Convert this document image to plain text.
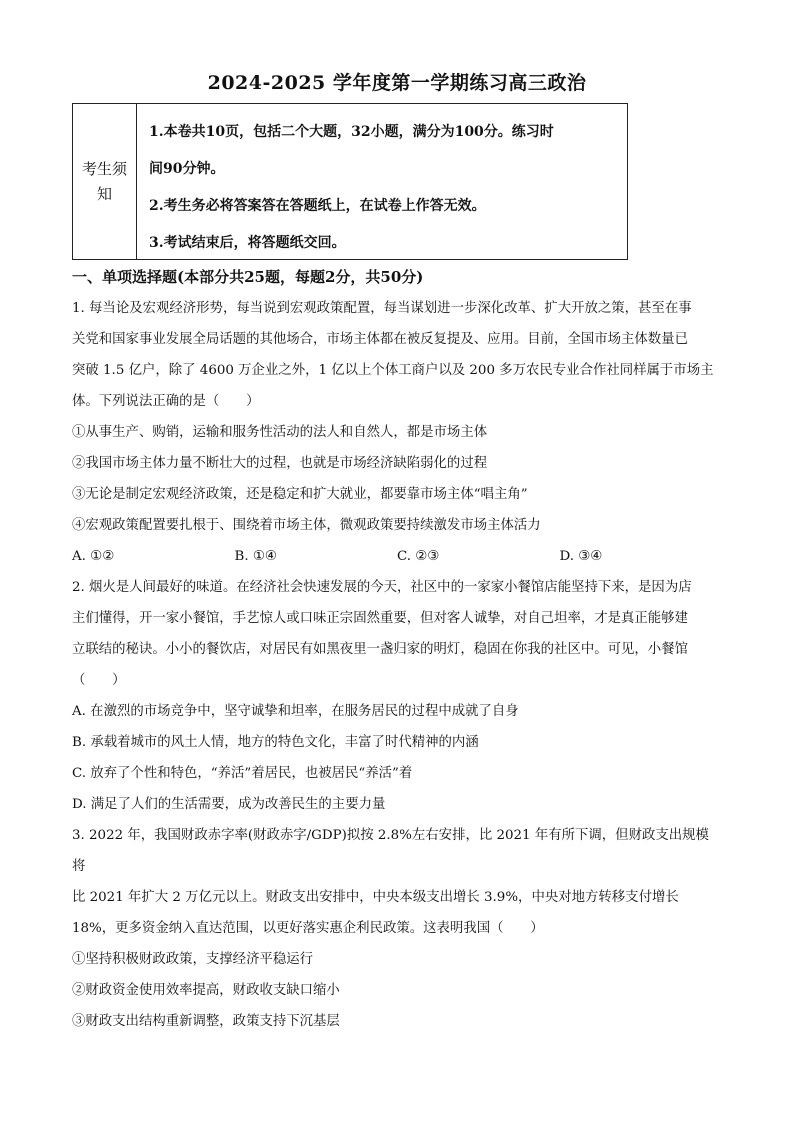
2024-2025 学年度第一学期练习高三政治
考生须知

1.本卷共10页，包括二个大题，32小题，满分为100分。练习时

间90分钟。

2.考生务必将答案答在答题纸上，在试卷上作答无效。

3.考试结束后，将答题纸交回。

一、单项选择题(本部分共25题，每题2分，共50分)

1. 每当论及宏观经济形势，每当说到宏观政策配置，每当谋划进一步深化改革、扩大开放之策，甚至在事

关党和国家事业发展全局话题的其他场合，市场主体都在被反复提及、应用。目前，全国市场主体数量已

突破 1.5 亿户，除了 4600 万企业之外，1 亿以上个体工商户以及 200 多万农民专业合作社同样属于市场主

体。下列说法正确的是（　　）

①从事生产、购销，运输和服务性活动的法人和自然人，都是市场主体

②我国市场主体力量不断壮大的过程，也就是市场经济缺陷弱化的过程

③无论是制定宏观经济政策，还是稳定和扩大就业，都要靠市场主体“唱主角”

④宏观政策配置要扎根于、围绕着市场主体，微观政策要持续激发市场主体活力

A. ①②	B. ①④	C. ②③	D. ③④

2. 烟火是人间最好的味道。在经济社会快速发展的今天，社区中的一家家小餐馆店能坚持下来，是因为店

主们懂得，开一家小餐馆，手艺惊人或口味正宗固然重要，但对客人诚挚，对自己坦率，才是真正能够建

立联结的秘诀。小小的餐饮店，对居民有如黑夜里一盏归家的明灯，稳固在你我的社区中。可见，小餐馆

（　　）

A. 在激烈的市场竞争中，坚守诚挚和坦率，在服务居民的过程中成就了自身

B. 承载着城市的风土人情，地方的特色文化，丰富了时代精神的内涵

C. 放弃了个性和特色，“养活”着居民，也被居民“养活”着

D. 满足了人们的生活需要，成为改善民生的主要力量

3. 2022 年，我国财政赤字率(财政赤字/GDP)拟按 2.8%左右安排，比 2021 年有所下调，但财政支出规模将

比 2021 年扩大 2 万亿元以上。财政支出安排中，中央本级支出增长 3.9%，中央对地方转移支付增长

18%，更多资金纳入直达范围，以更好落实惠企利民政策。这表明我国（　　）

①坚持积极财政政策，支撑经济平稳运行

②财政资金使用效率提高，财政收支缺口缩小

③财政支出结构重新调整，政策支持下沉基层
